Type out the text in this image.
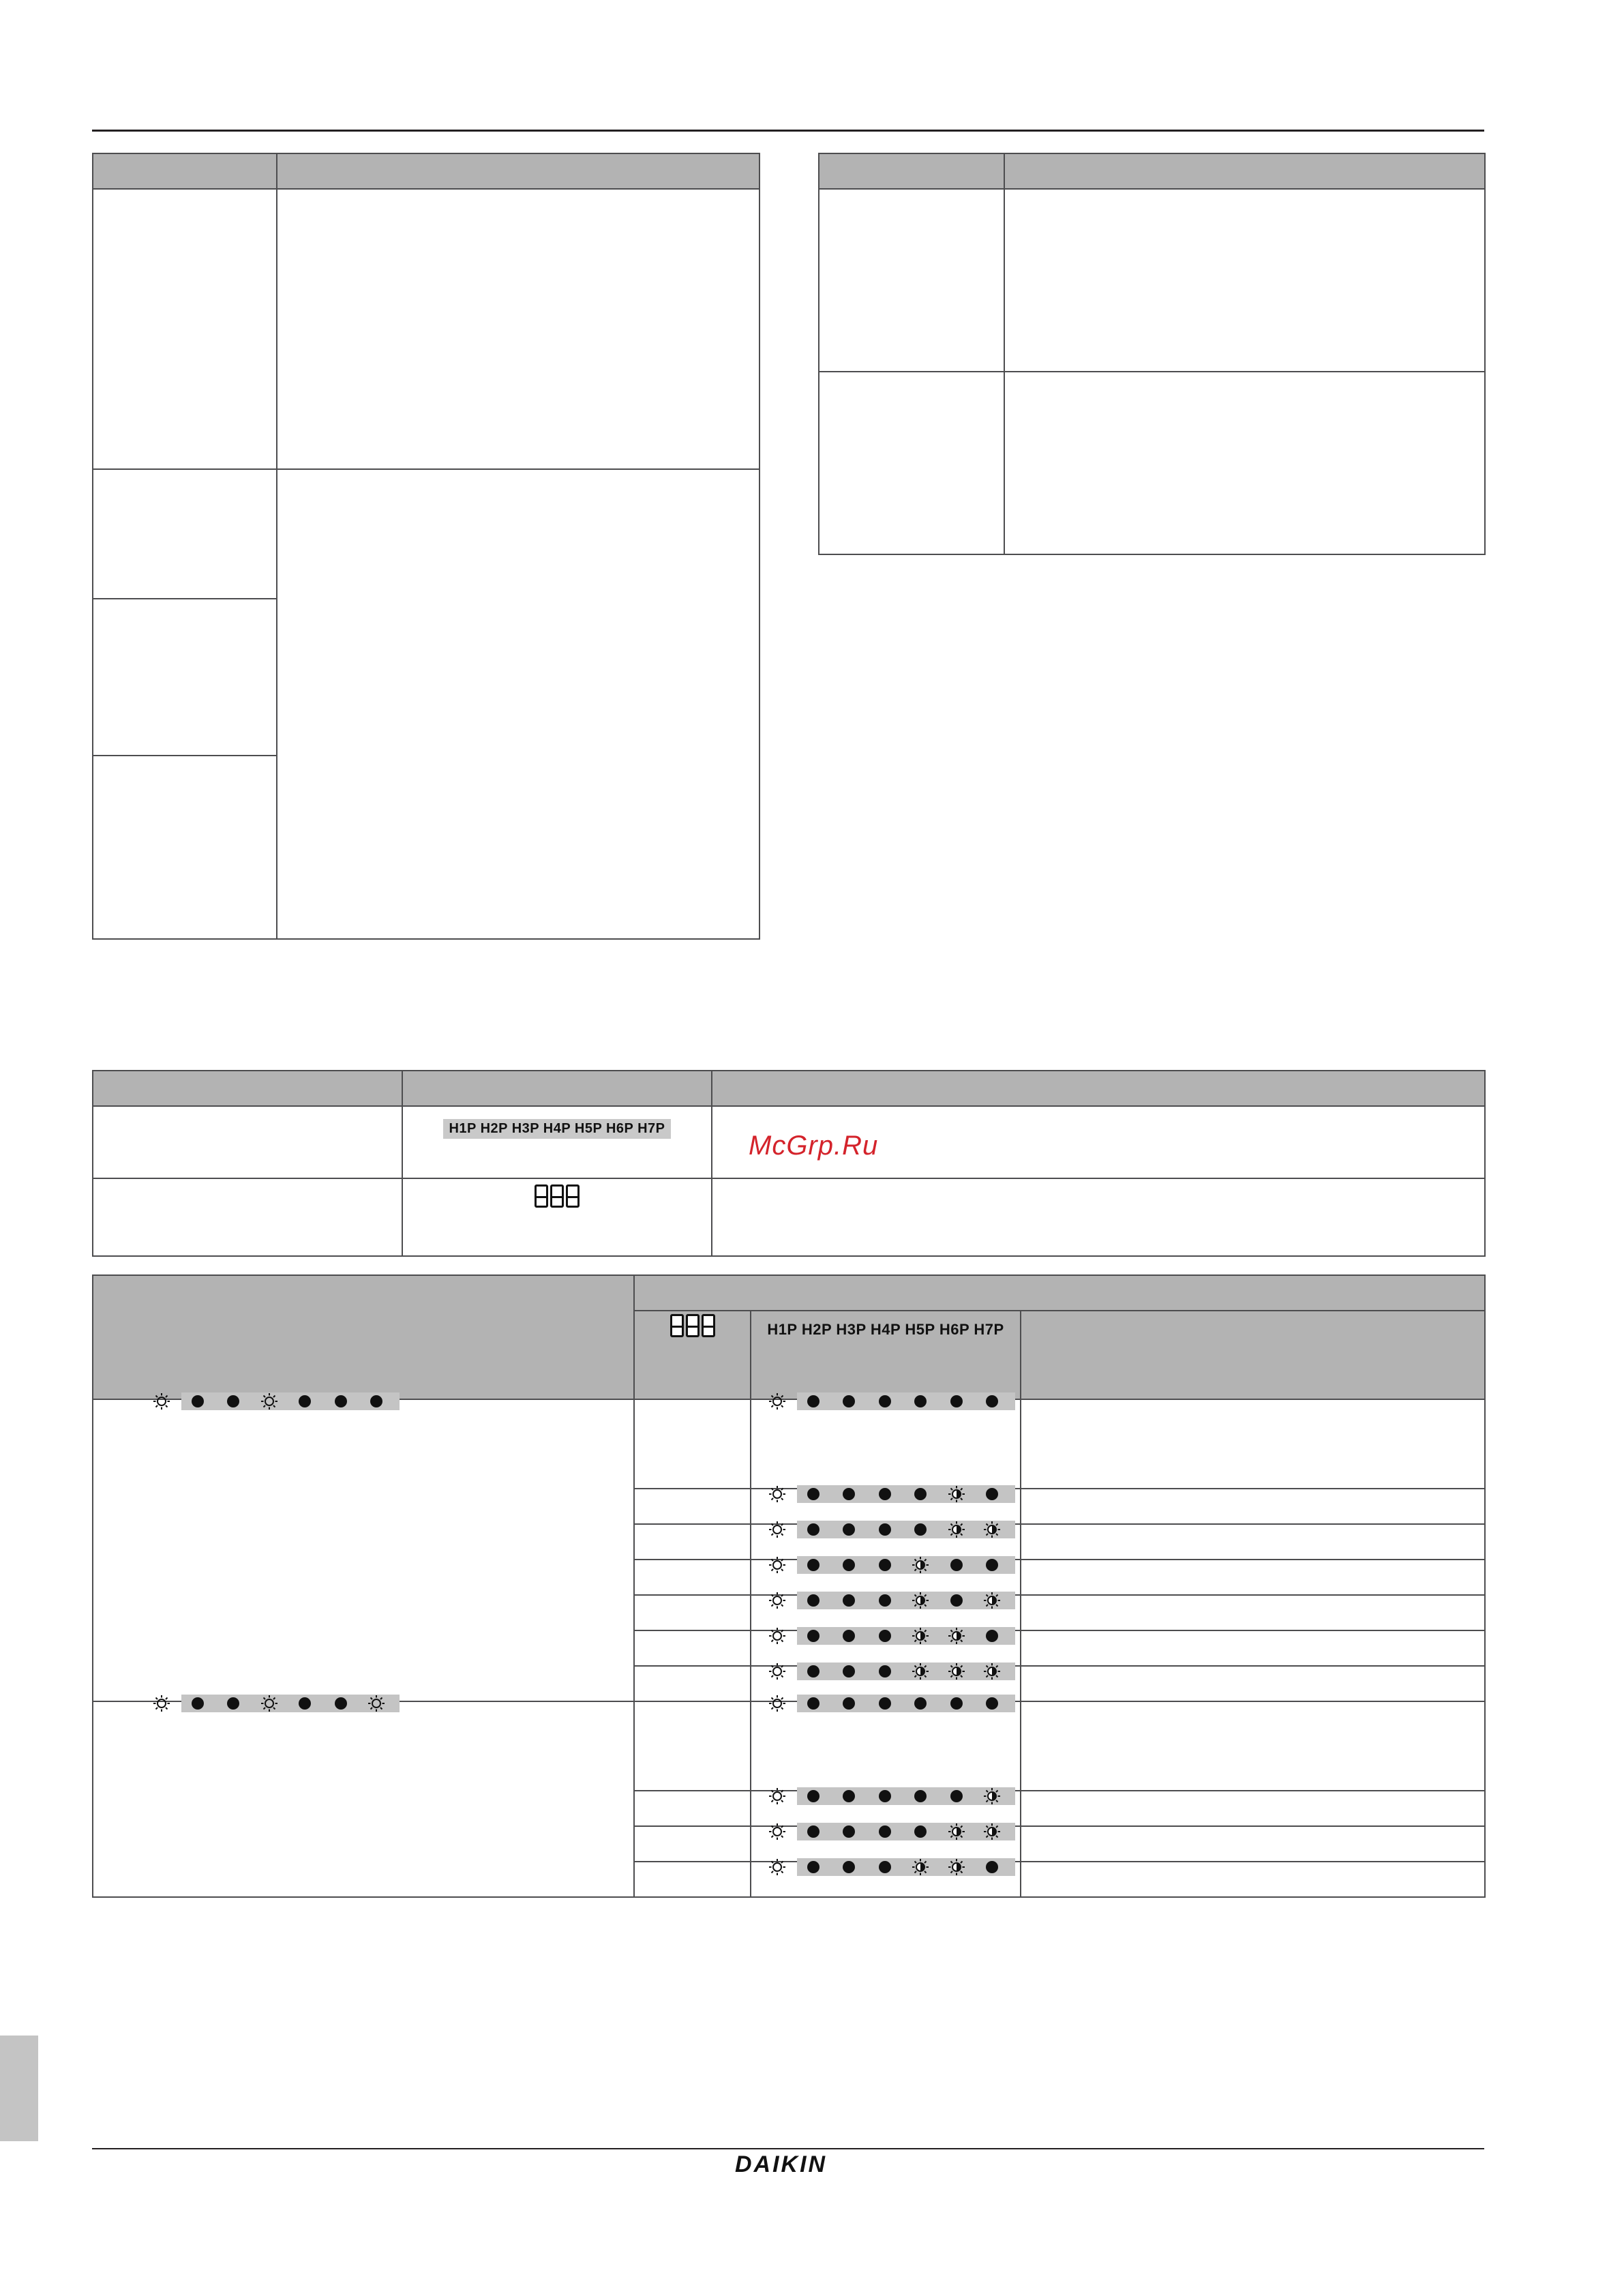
	H1P H2P H3P H4P H5P H6P H7P	

McGrp.Ru

		H1P H2P H3P H4P H5P H6P H7P	

DAIKIN
